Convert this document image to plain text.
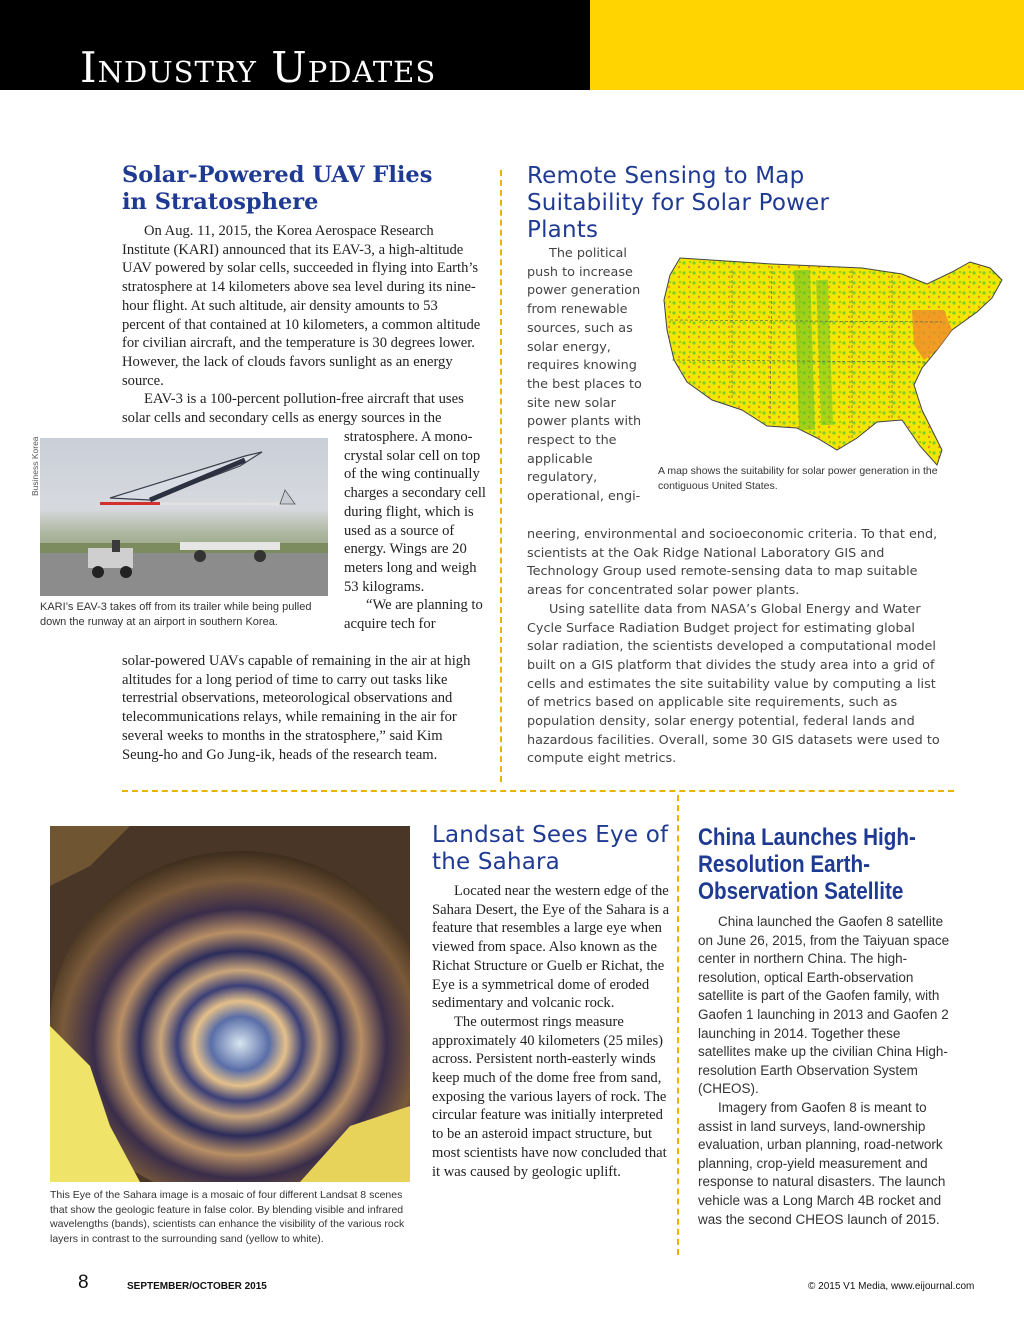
Industry Updates
Solar-Powered UAV Flies
in Stratosphere

On Aug. 11, 2015, the Korea Aerospace Research Institute (KARI) announced that its EAV-3, a high-altitude UAV powered by solar cells, succeeded in flying into Earth’s stratosphere at 14 kilometers above sea level during its nine-hour flight. At such altitude, air density amounts to 53 percent of that contained at 10 kilometers, a common altitude for civilian aircraft, and the temperature is 30 degrees lower. However, the lack of clouds favors sunlight as an energy source.

EAV-3 is a 100-percent pollution-free aircraft that uses solar cells and secondary cells as energy sources in the

stratosphere. A mono-crystal solar cell on top of the wing continually charges a secondary cell during flight, which is used as a source of energy. Wings are 20 meters long and weigh 53 kilograms.

“We are planning to acquire tech for

solar-powered UAVs capable of remaining in the air at high altitudes for a long period of time to carry out tasks like terrestrial observations, meteorological observations and telecommunications relays, while remaining in the air for several weeks to months in the stratosphere,” said Kim Seung-ho and Go Jung-ik, heads of the research team.

Business Korea
KARI’s EAV-3 takes off from its trailer while being pulled down the runway at an airport in southern Korea.
Remote Sensing to Map Suitability for Solar Power Plants

The political push to increase power generation from renewable sources, such as solar energy, requires knowing the best places to site new solar power plants with respect to the applicable regulatory, operational, engi-

neering, environmental and socioeconomic criteria. To that end, scientists at the Oak Ridge National Laboratory GIS and Technology Group used remote-sensing data to map suitable areas for concentrated solar power plants.

Using satellite data from NASA’s Global Energy and Water Cycle Surface Radiation Budget project for estimating global solar radiation, the scientists developed a computational model built on a GIS platform that divides the study area into a grid of cells and estimates the site suitability value by computing a list of metrics based on applicable site requirements, such as population density, solar energy potential, federal lands and hazardous facilities. Overall, some 30 GIS datasets were used to compute eight metrics.

A map shows the suitability for solar power generation in the contiguous United States.
This Eye of the Sahara image is a mosaic of four different Landsat 8 scenes that show the geologic feature in false color. By blending visible and infrared wavelengths (bands), scientists can enhance the visibility of the various rock layers in contrast to the surrounding sand (yellow to white).
Landsat Sees Eye of the Sahara

Located near the western edge of the Sahara Desert, the Eye of the Sahara is a feature that resembles a large eye when viewed from space. Also known as the Richat Structure or Guelb er Richat, the Eye is a symmetrical dome of eroded sedimentary and volcanic rock.

The outermost rings measure approximately 40 kilometers (25 miles) across. Persistent north-easterly winds keep much of the dome free from sand, exposing the various layers of rock. The circular feature was initially interpreted to be an asteroid impact structure, but most scientists have now concluded that it was caused by geologic uplift.

China Launches High-Resolution Earth-Observation Satellite

China launched the Gaofen 8 satellite on June 26, 2015, from the Taiyuan space center in northern China. The high-resolution, optical Earth-observation satellite is part of the Gaofen family, with Gaofen 1 launching in 2013 and Gaofen 2 launching in 2014. Together these satellites make up the civilian China High-resolution Earth Observation System (CHEOS).

Imagery from Gaofen 8 is meant to assist in land surveys, land-ownership evaluation, urban planning, road-network planning, crop-yield measurement and response to natural disasters. The launch vehicle was a Long March 4B rocket and was the second CHEOS launch of 2015.

8	SEPTEMBER/OCTOBER 2015	© 2015 V1 Media, www.eijournal.com
